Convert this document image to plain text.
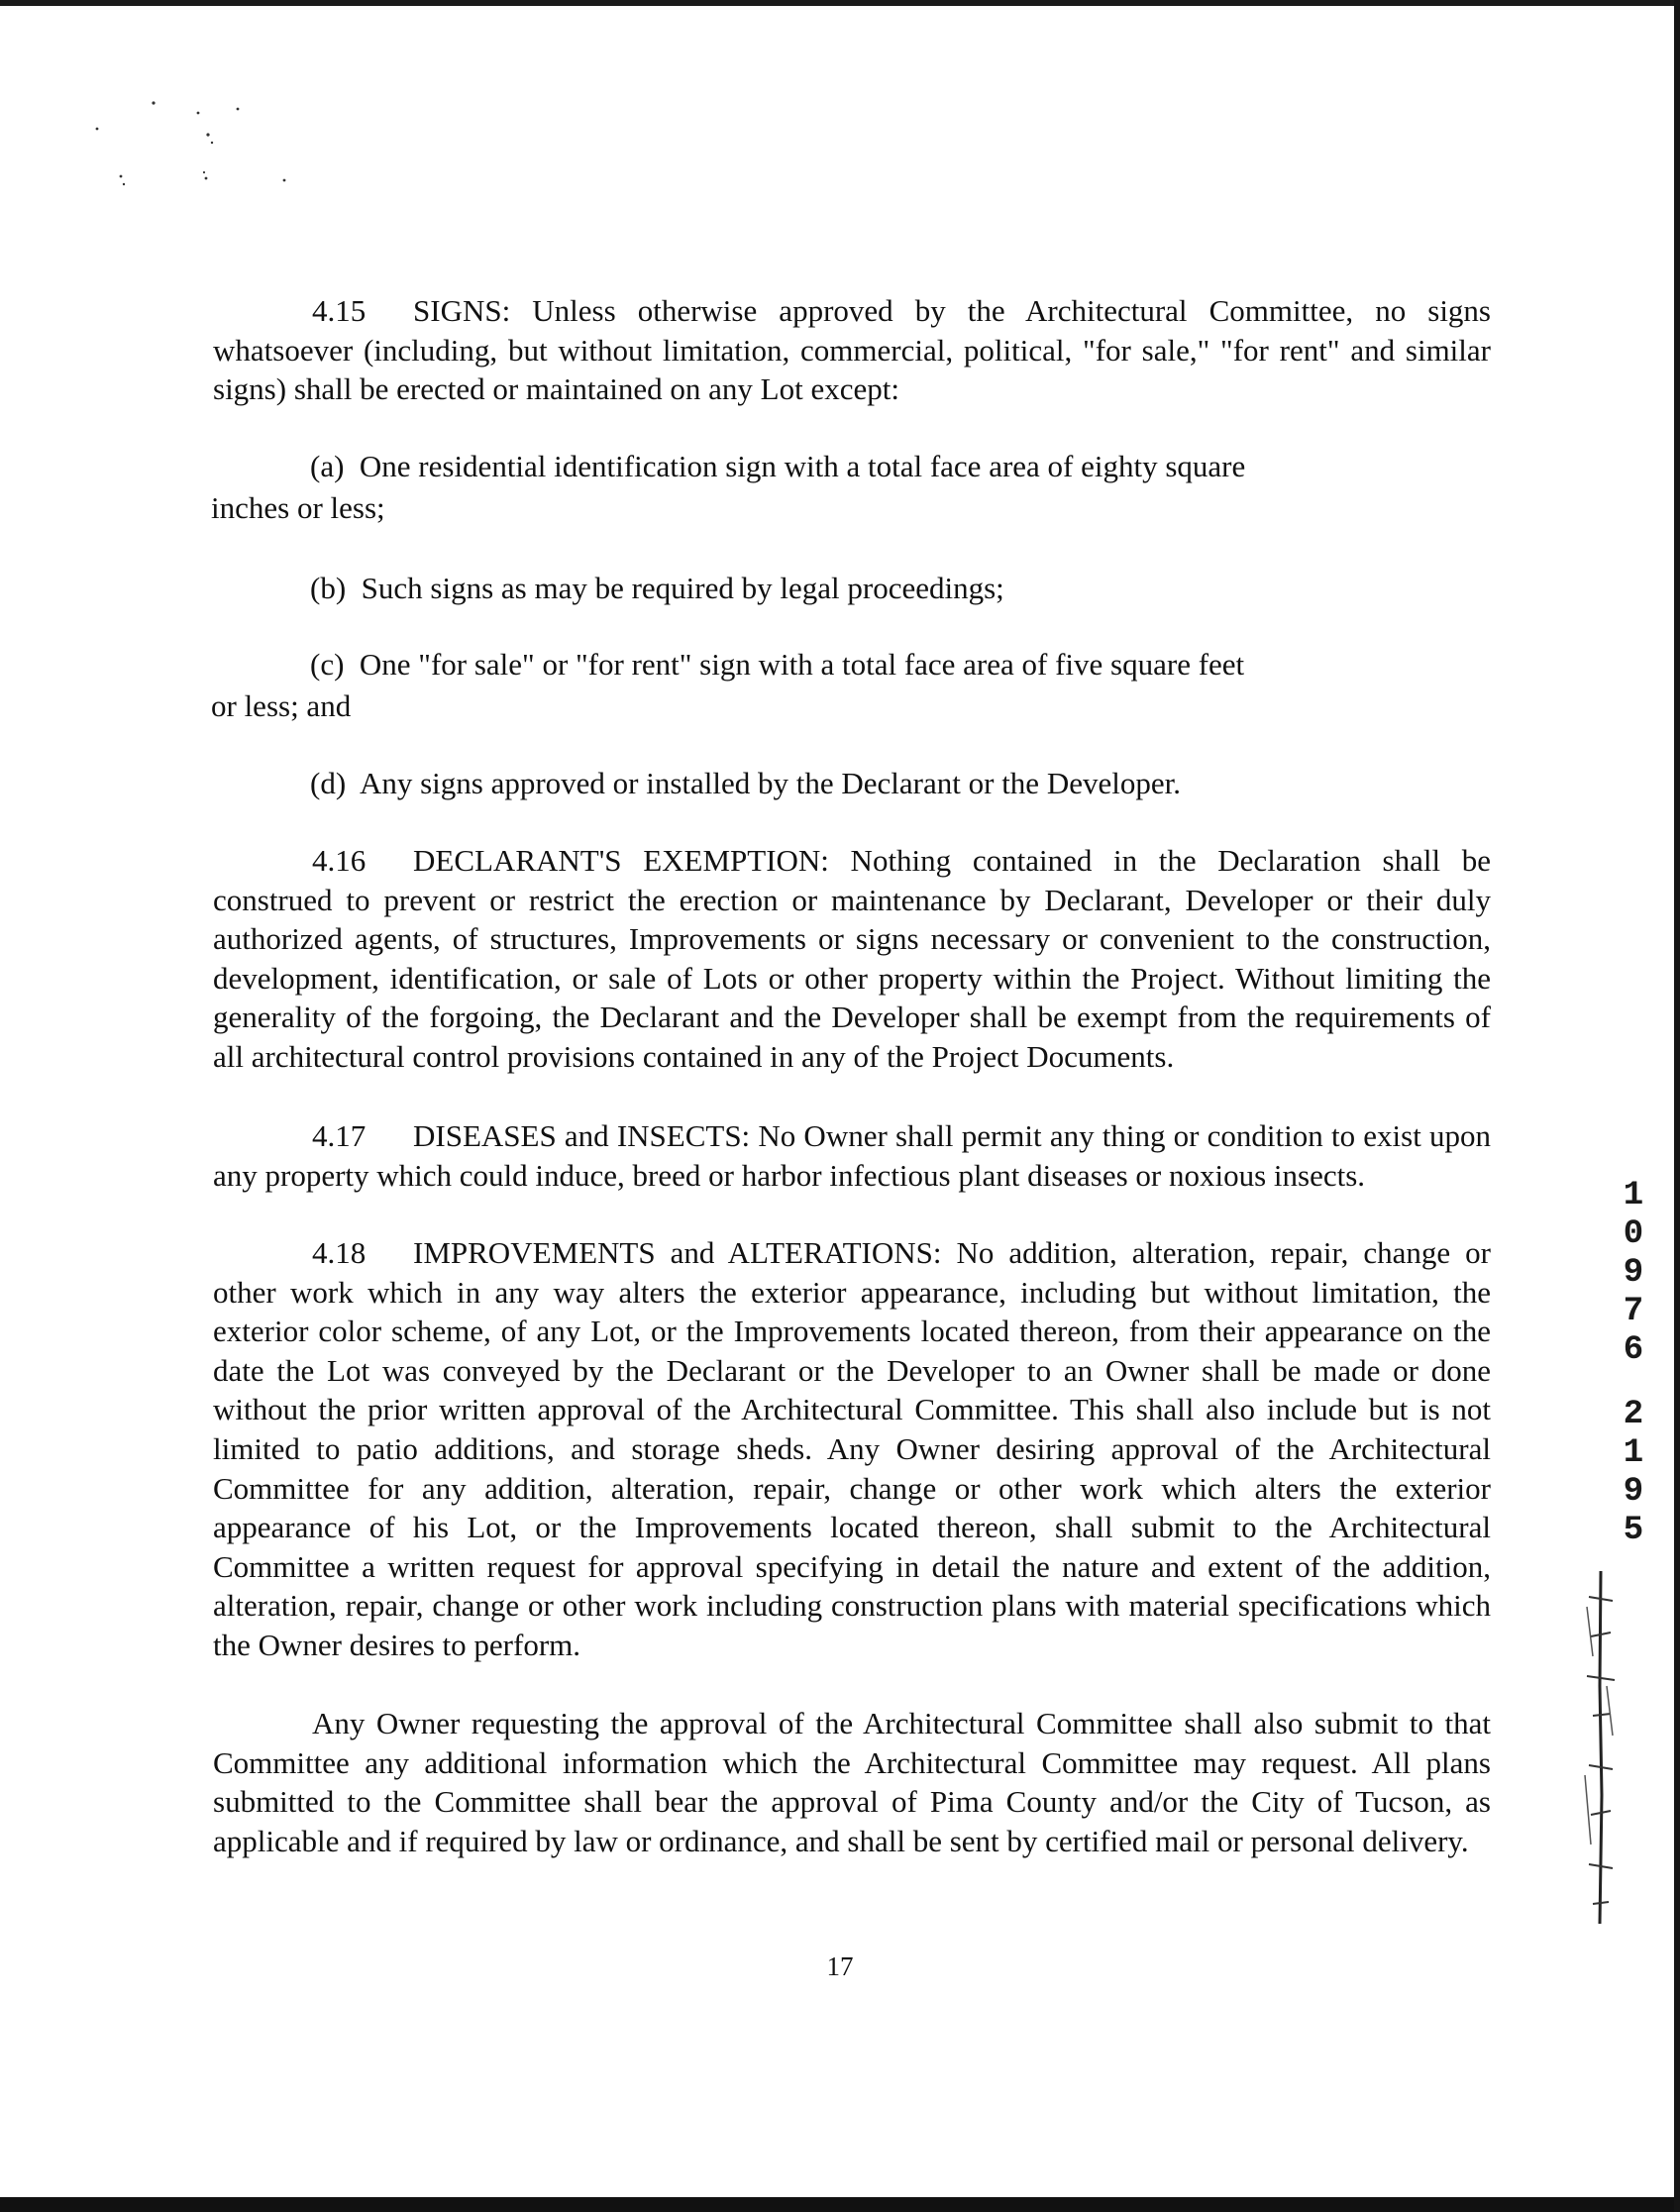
4.15 SIGNS: Unless otherwise approved by the Architectural Committee, no signs whatsoever (including, but without limitation, commercial, political, "for sale," "for rent" and similar signs) shall be erected or maintained on any Lot except:

(a) One residential identification sign with a total face area of eighty square
inches or less;

(b) Such signs as may be required by legal proceedings;

(c) One "for sale" or "for rent" sign with a total face area of five square feet
or less; and

(d) Any signs approved or installed by the Declarant or the Developer.

4.16 DECLARANT'S EXEMPTION: Nothing contained in the Declaration shall be construed to prevent or restrict the erection or maintenance by Declarant, Developer or their duly authorized agents, of structures, Improvements or signs necessary or convenient to the construction, development, identification, or sale of Lots or other property within the Project. Without limiting the generality of the forgoing, the Declarant and the Developer shall be exempt from the requirements of all architectural control provisions contained in any of the Project Documents.

4.17 DISEASES and INSECTS: No Owner shall permit any thing or condition to exist upon any property which could induce, breed or harbor infectious plant diseases or noxious insects.

4.18 IMPROVEMENTS and ALTERATIONS: No addition, alteration, repair, change or other work which in any way alters the exterior appearance, including but without limitation, the exterior color scheme, of any Lot, or the Improvements located thereon, from their appearance on the date the Lot was conveyed by the Declarant or the Developer to an Owner shall be made or done without the prior written approval of the Architectural Committee. This shall also include but is not limited to patio additions, and storage sheds. Any Owner desiring approval of the Architectural Committee for any addition, alteration, repair, change or other work which alters the exterior appearance of his Lot, or the Improvements located thereon, shall submit to the Architectural Committee a written request for approval specifying in detail the nature and extent of the addition, alteration, repair, change or other work including construction plans with material specifications which the Owner desires to perform.

Any Owner requesting the approval of the Architectural Committee shall also submit to that Committee any additional information which the Architectural Committee may request. All plans submitted to the Committee shall bear the approval of Pima County and/or the City of Tucson, as applicable and if required by law or ordinance, and shall be sent by certified mail or personal delivery.

17
1
0
9
7
6
2
1
9
5
